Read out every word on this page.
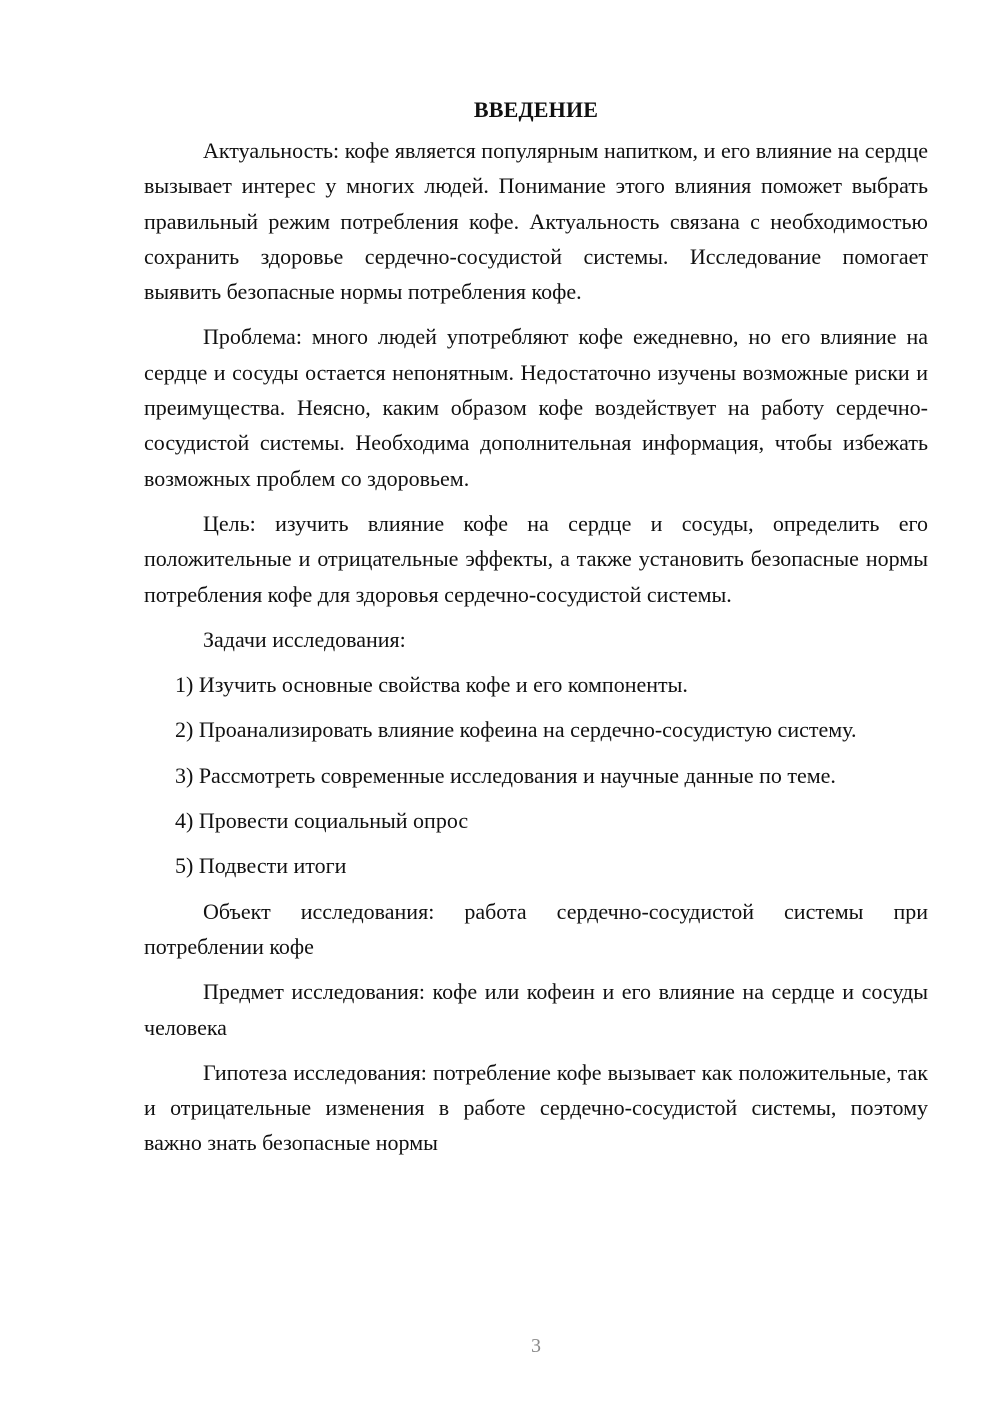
ВВЕДЕНИЕ

Актуальность: кофе является популярным напитком, и его влияние на сердце вызывает интерес у многих людей. Понимание этого влияния поможет выбрать правильный режим потребления кофе. Актуальность связана с необходимостью сохранить здоровье сердечно-сосудистой системы. Исследование помогает выявить безопасные нормы потребления кофе.

Проблема: много людей употребляют кофе ежедневно, но его влияние на сердце и сосуды остается непонятным. Недостаточно изучены возможные риски и преимущества. Неясно, каким образом кофе воздействует на работу сердечно-сосудистой системы. Необходима дополнительная информация, чтобы избежать возможных проблем со здоровьем.

Цель: изучить влияние кофе на сердце и сосуды, определить его положительные и отрицательные эффекты, а также установить безопасные нормы потребления кофе для здоровья сердечно-сосудистой системы.

Задачи исследования:

1) Изучить основные свойства кофе и его компоненты.

2) Проанализировать влияние кофеина на сердечно-сосудистую систему.

3) Рассмотреть современные исследования и научные данные по теме.

4) Провести социальный опрос

5) Подвести итоги

Объект исследования: работа сердечно-сосудистой системы при потреблении кофе

Предмет исследования: кофе или кофеин и его влияние на сердце и сосуды человека

Гипотеза исследования: потребление кофе вызывает как положительные, так и отрицательные изменения в работе сердечно-сосудистой системы, поэтому важно знать безопасные нормы

3
